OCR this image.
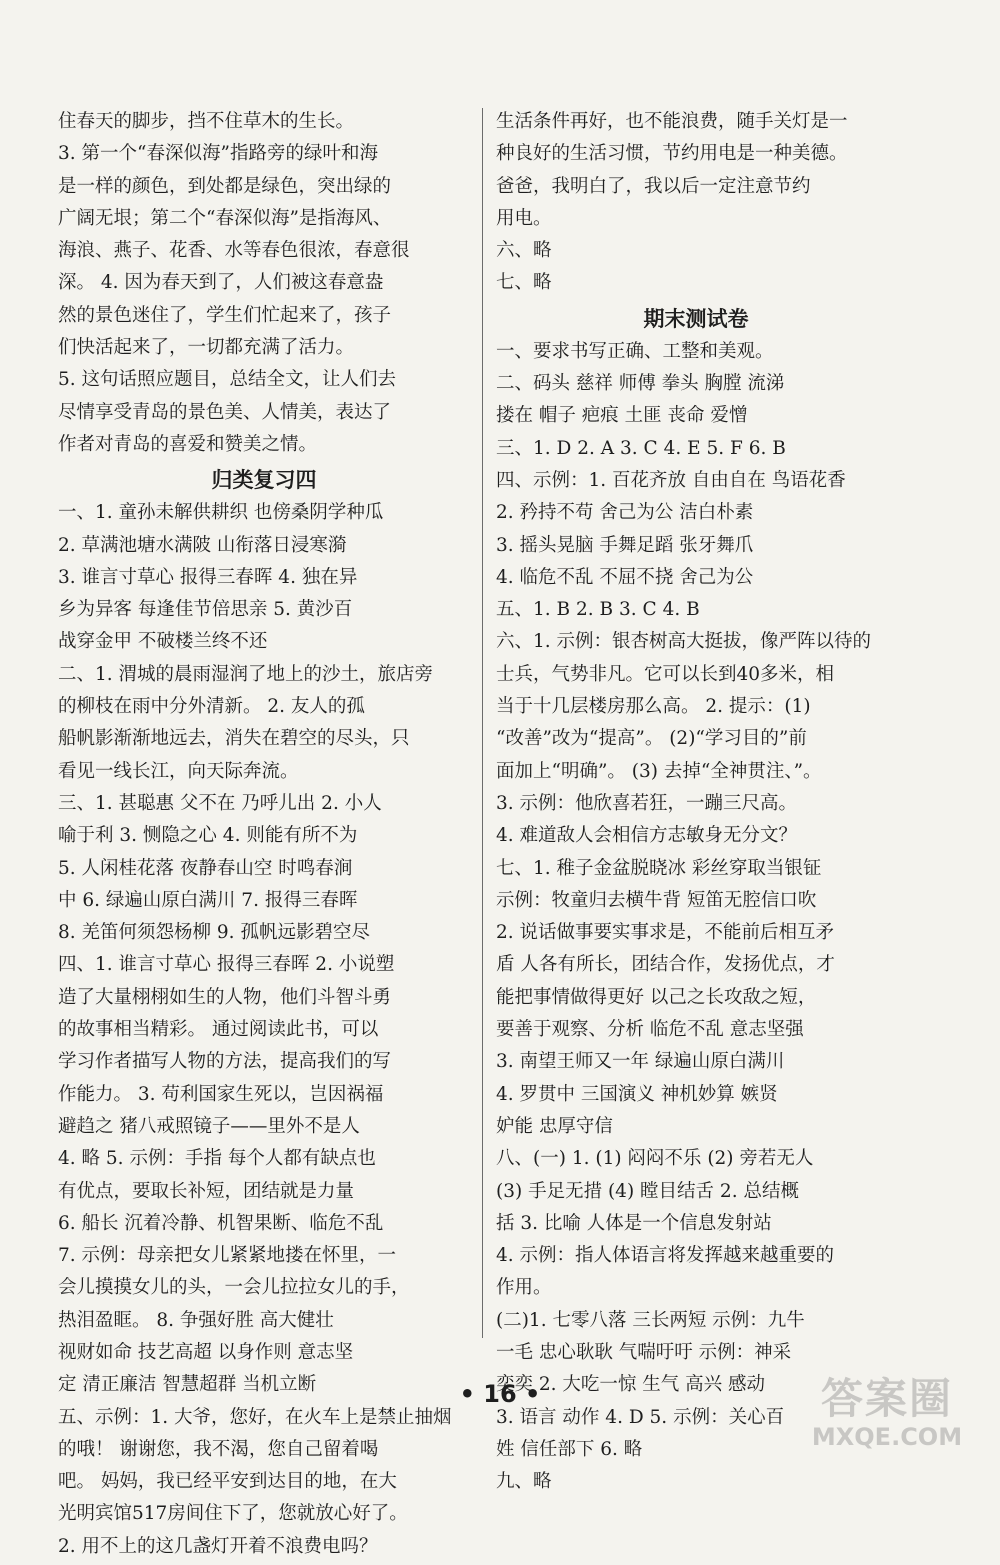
住春天的脚步，挡不住草木的生长。
3. 第一个“春深似海”指路旁的绿叶和海
是一样的颜色，到处都是绿色，突出绿的
广阔无垠；第二个“春深似海”是指海风、
海浪、燕子、花香、水等春色很浓，春意很
深。 4. 因为春天到了，人们被这春意盎
然的景色迷住了，学生们忙起来了，孩子
们快活起来了，一切都充满了活力。
5. 这句话照应题目，总结全文，让人们去
尽情享受青岛的景色美、人情美，表达了
作者对青岛的喜爱和赞美之情。
归类复习四
一、1. 童孙未解供耕织 也傍桑阴学种瓜
2. 草满池塘水满陂 山衔落日浸寒漪
3. 谁言寸草心 报得三春晖 4. 独在异
乡为异客 每逢佳节倍思亲 5. 黄沙百
战穿金甲 不破楼兰终不还
二、1. 渭城的晨雨湿润了地上的沙土，旅店旁
的柳枝在雨中分外清新。 2. 友人的孤
船帆影渐渐地远去，消失在碧空的尽头，只
看见一线长江，向天际奔流。
三、1. 甚聪惠 父不在 乃呼儿出 2. 小人
喻于利 3. 恻隐之心 4. 则能有所不为
5. 人闲桂花落 夜静春山空 时鸣春涧
中 6. 绿遍山原白满川 7. 报得三春晖
8. 羌笛何须怨杨柳 9. 孤帆远影碧空尽
四、1. 谁言寸草心 报得三春晖 2. 小说塑
造了大量栩栩如生的人物，他们斗智斗勇
的故事相当精彩。 通过阅读此书，可以
学习作者描写人物的方法，提高我们的写
作能力。 3. 苟利国家生死以，岂因祸福
避趋之 猪八戒照镜子——里外不是人
4. 略 5. 示例：手指 每个人都有缺点也
有优点，要取长补短，团结就是力量
6. 船长 沉着冷静、机智果断、临危不乱
7. 示例：母亲把女儿紧紧地搂在怀里，一
会儿摸摸女儿的头，一会儿拉拉女儿的手，
热泪盈眶。 8. 争强好胜 高大健壮
视财如命 技艺高超 以身作则 意志坚
定 清正廉洁 智慧超群 当机立断
五、示例：1. 大爷，您好，在火车上是禁止抽烟
的哦！ 谢谢您，我不渴，您自己留着喝
吧。 妈妈，我已经平安到达目的地，在大
光明宾馆517房间住下了，您就放心好了。
2. 用不上的这几盏灯开着不浪费电吗？
生活条件再好，也不能浪费，随手关灯是一
种良好的生活习惯，节约用电是一种美德。
爸爸，我明白了，我以后一定注意节约
用电。
六、略
七、略
期末测试卷
一、要求书写正确、工整和美观。
二、码头 慈祥 师傅 拳头 胸膛 流涕
搂在 帽子 疤痕 土匪 丧命 爱憎
三、1. D 2. A 3. C 4. E 5. F 6. B
四、示例：1. 百花齐放 自由自在 鸟语花香
2. 矜持不苟 舍己为公 洁白朴素
3. 摇头晃脑 手舞足蹈 张牙舞爪
4. 临危不乱 不屈不挠 舍己为公
五、1. B 2. B 3. C 4. B
六、1. 示例：银杏树高大挺拔，像严阵以待的
士兵，气势非凡。它可以长到40多米，相
当于十几层楼房那么高。 2. 提示：(1)
“改善”改为“提高”。 (2)“学习目的”前
面加上“明确”。 (3) 去掉“全神贯注、”。
3. 示例：他欣喜若狂，一蹦三尺高。
4. 难道敌人会相信方志敏身无分文？
七、1. 稚子金盆脱晓冰 彩丝穿取当银钲
示例：牧童归去横牛背 短笛无腔信口吹
2. 说话做事要实事求是，不能前后相互矛
盾 人各有所长，团结合作，发扬优点，才
能把事情做得更好 以己之长攻敌之短，
要善于观察、分析 临危不乱 意志坚强
3. 南望王师又一年 绿遍山原白满川
4. 罗贯中 三国演义 神机妙算 嫉贤
妒能 忠厚守信
八、(一) 1. (1) 闷闷不乐 (2) 旁若无人
(3) 手足无措 (4) 瞠目结舌 2. 总结概
括 3. 比喻 人体是一个信息发射站
4. 示例：指人体语言将发挥越来越重要的
作用。
(二)1. 七零八落 三长两短 示例：九牛
一毛 忠心耿耿 气喘吁吁 示例：神采
奕奕 2. 大吃一惊 生气 高兴 感动
3. 语言 动作 4. D 5. 示例：关心百
姓 信任部下 6. 略
九、略
• 16 •	答案圈
MXQE.COM
